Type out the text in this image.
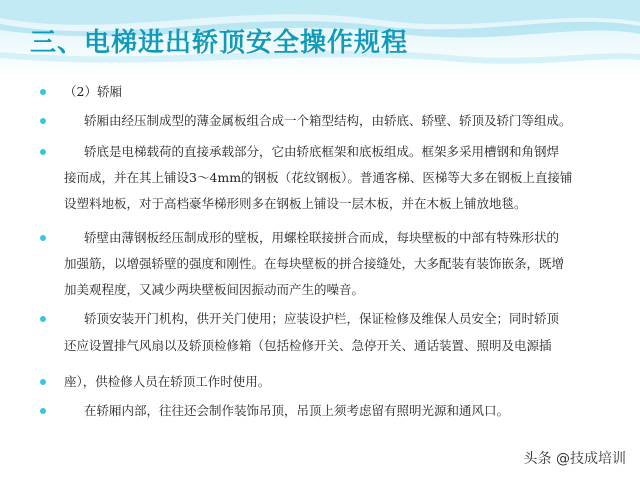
三、电梯进出轿顶安全操作规程
（2）轿厢
轿厢由经压制成型的薄金属板组合成一个箱型结构，由轿底、轿壁、轿顶及轿门等组成。
轿底是电梯载荷的直接承载部分，它由轿底框架和底板组成。框架多采用槽钢和角钢焊
接而成，并在其上铺设3～4mm的钢板（花纹钢板）。普通客梯、医梯等大多在钢板上直接铺
设塑料地板，对于高档豪华梯形则多在钢板上铺设一层木板，并在木板上铺放地毯。
轿壁由薄钢板经压制成形的壁板，用螺栓联接拼合而成，每块壁板的中部有特殊形状的
加强筋，以增强轿壁的强度和刚性。在每块壁板的拼合接缝处，大多配装有装饰嵌条，既增
加美观程度，又减少两块壁板间因振动而产生的噪音。
轿顶安装开门机构，供开关门使用；应装设护栏，保证检修及维保人员安全；同时轿顶
还应设置排气风扇以及轿顶检修箱（包括检修开关、急停开关、通话装置、照明及电源插
座），供检修人员在轿顶工作时使用。
在轿厢内部，往往还会制作装饰吊顶，吊顶上须考虑留有照明光源和通风口。
头条 @技成培训
